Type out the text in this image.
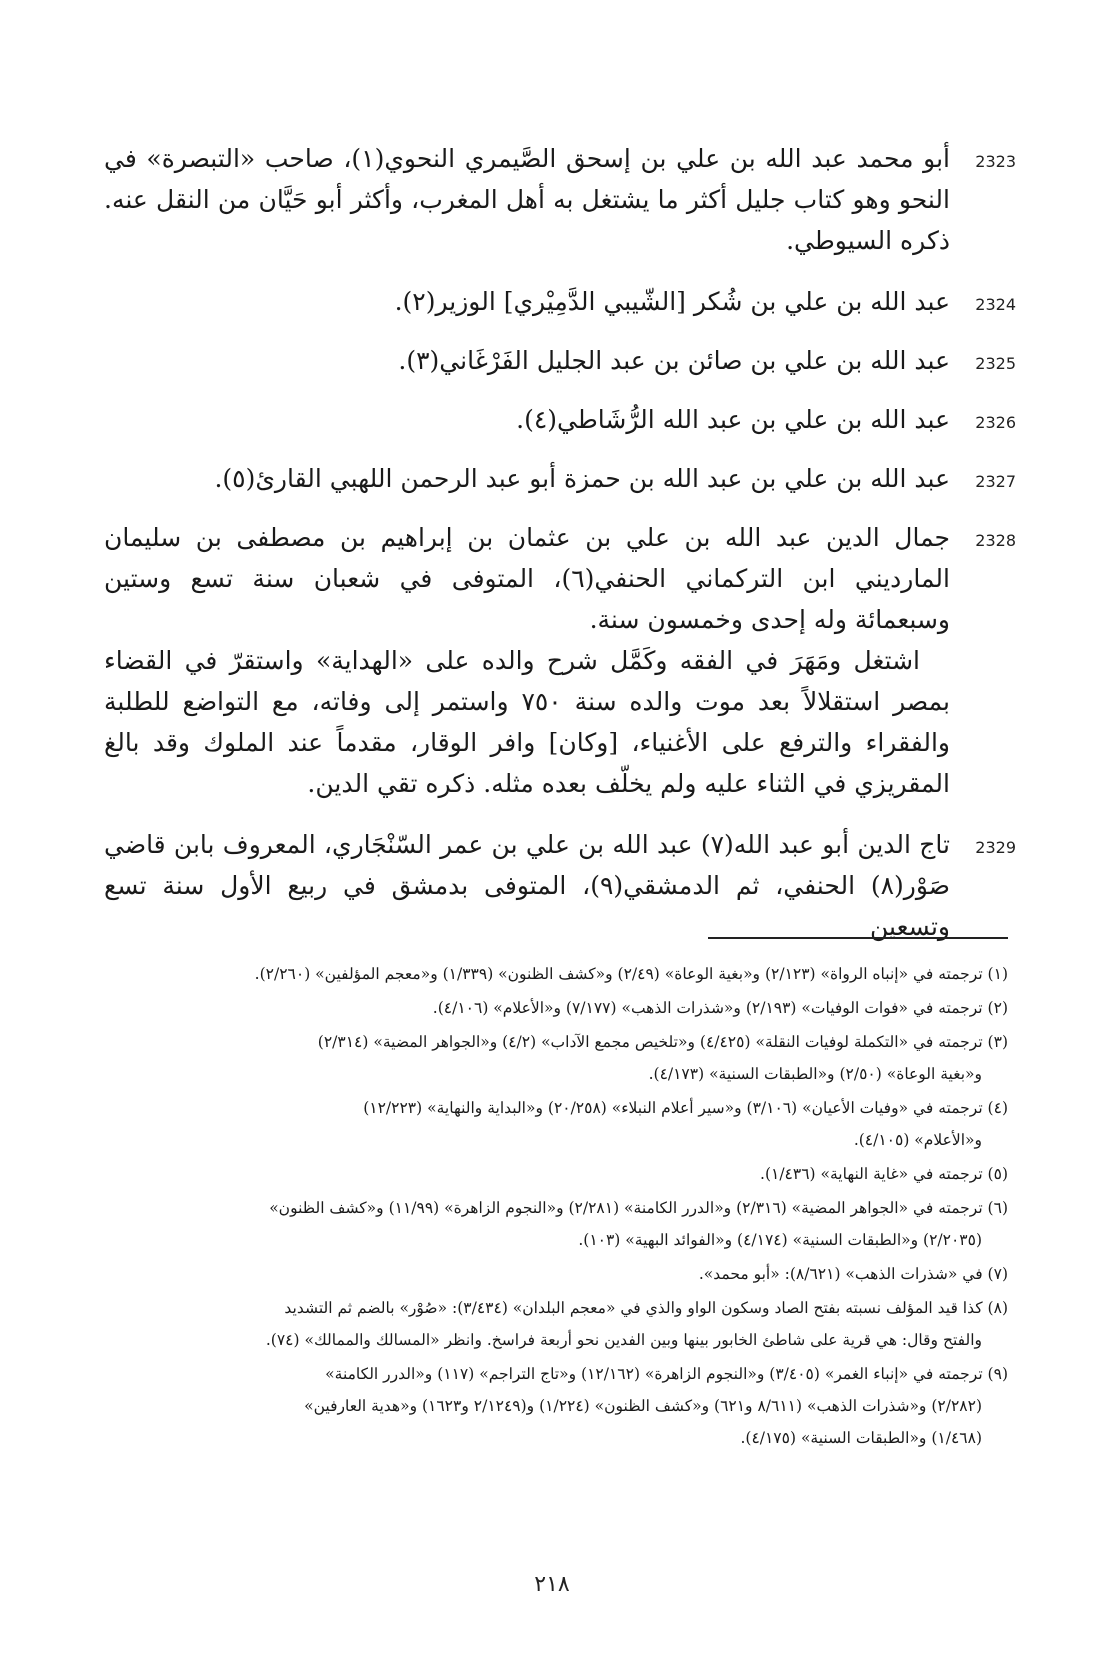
2323
أبو محمد عبد الله بن علي بن إسحق الصَّيمري النحوي(١)، صاحب «التبصرة» في النحو وهو كتاب جليل أكثر ما يشتغل به أهل المغرب، وأكثر أبو حَيَّان من النقل عنه. ذكره السيوطي.
2324
عبد الله بن علي بن شُكر [الشّيبي الدَّمِيْري] الوزير(٢).
2325
عبد الله بن علي بن صائن بن عبد الجليل الفَرْغَاني(٣).
2326
عبد الله بن علي بن عبد الله الرُّشَاطي(٤).
2327
عبد الله بن علي بن عبد الله بن حمزة أبو عبد الرحمن اللهبي القارئ(٥).
2328
جمال الدين عبد الله بن علي بن عثمان بن إبراهيم بن مصطفى بن سليمان المارديني ابن التركماني الحنفي(٦)، المتوفى في شعبان سنة تسع وستين وسبعمائة وله إحدى وخمسون سنة.
اشتغل ومَهَرَ في الفقه وكَمَّل شرح والده على «الهداية» واستقرّ في القضاء بمصر استقلالاً بعد موت والده سنة ٧٥٠ واستمر إلى وفاته، مع التواضع للطلبة والفقراء والترفع على الأغنياء، [وكان] وافر الوقار، مقدماً عند الملوك وقد بالغ المقريزي في الثناء عليه ولم يخلّف بعده مثله. ذكره تقي الدين.
2329
تاج الدين أبو عبد الله(٧) عبد الله بن علي بن عمر السّنْجَاري، المعروف بابن قاضي صَوْر(٨) الحنفي، ثم الدمشقي(٩)، المتوفى بدمشق في ربيع الأول سنة تسع وتسعين
(١) ترجمته في «إنباه الرواة» (٢/١٢٣) و«بغية الوعاة» (٢/٤٩) و«كشف الظنون» (١/٣٣٩) و«معجم المؤلفين» (٢/٢٦٠).
(٢) ترجمته في «فوات الوفيات» (٢/١٩٣) و«شذرات الذهب» (٧/١٧٧) و«الأعلام» (٤/١٠٦).
(٣) ترجمته في «التكملة لوفيات النقلة» (٤/٤٢٥) و«تلخيص مجمع الآداب» (٤/٢) و«الجواهر المضية» (٢/٣١٤)
و«بغية الوعاة» (٢/٥٠) و«الطبقات السنية» (٤/١٧٣).
(٤) ترجمته في «وفيات الأعيان» (٣/١٠٦) و«سير أعلام النبلاء» (٢٠/٢٥٨) و«البداية والنهاية» (١٢/٢٢٣)
و«الأعلام» (٤/١٠٥).
(٥) ترجمته في «غاية النهاية» (١/٤٣٦).
(٦) ترجمته في «الجواهر المضية» (٢/٣١٦) و«الدرر الكامنة» (٢/٢٨١) و«النجوم الزاهرة» (١١/٩٩) و«كشف الظنون»
(٢/٢٠٣٥) و«الطبقات السنية» (٤/١٧٤) و«الفوائد البهية» (١٠٣).
(٧) في «شذرات الذهب» (٨/٦٢١): «أبو محمد».
(٨) كذا قيد المؤلف نسبته بفتح الصاد وسكون الواو والذي في «معجم البلدان» (٣/٤٣٤): «صُوْر» بالضم ثم التشديد
والفتح وقال: هي قرية على شاطئ الخابور بينها وبين الفدين نحو أربعة فراسخ. وانظر «المسالك والممالك» (٧٤).
(٩) ترجمته في «إنباء الغمر» (٣/٤٠٥) و«النجوم الزاهرة» (١٢/١٦٢) و«تاج التراجم» (١١٧) و«الدرر الكامنة»
(٢/٢٨٢) و«شذرات الذهب» (٨/٦١١ و٦٢١) و«كشف الظنون» (١/٢٢٤) و(٢/١٢٤٩ و١٦٢٣) و«هدية العارفين»
(١/٤٦٨) و«الطبقات السنية» (٤/١٧٥).
٢١٨
